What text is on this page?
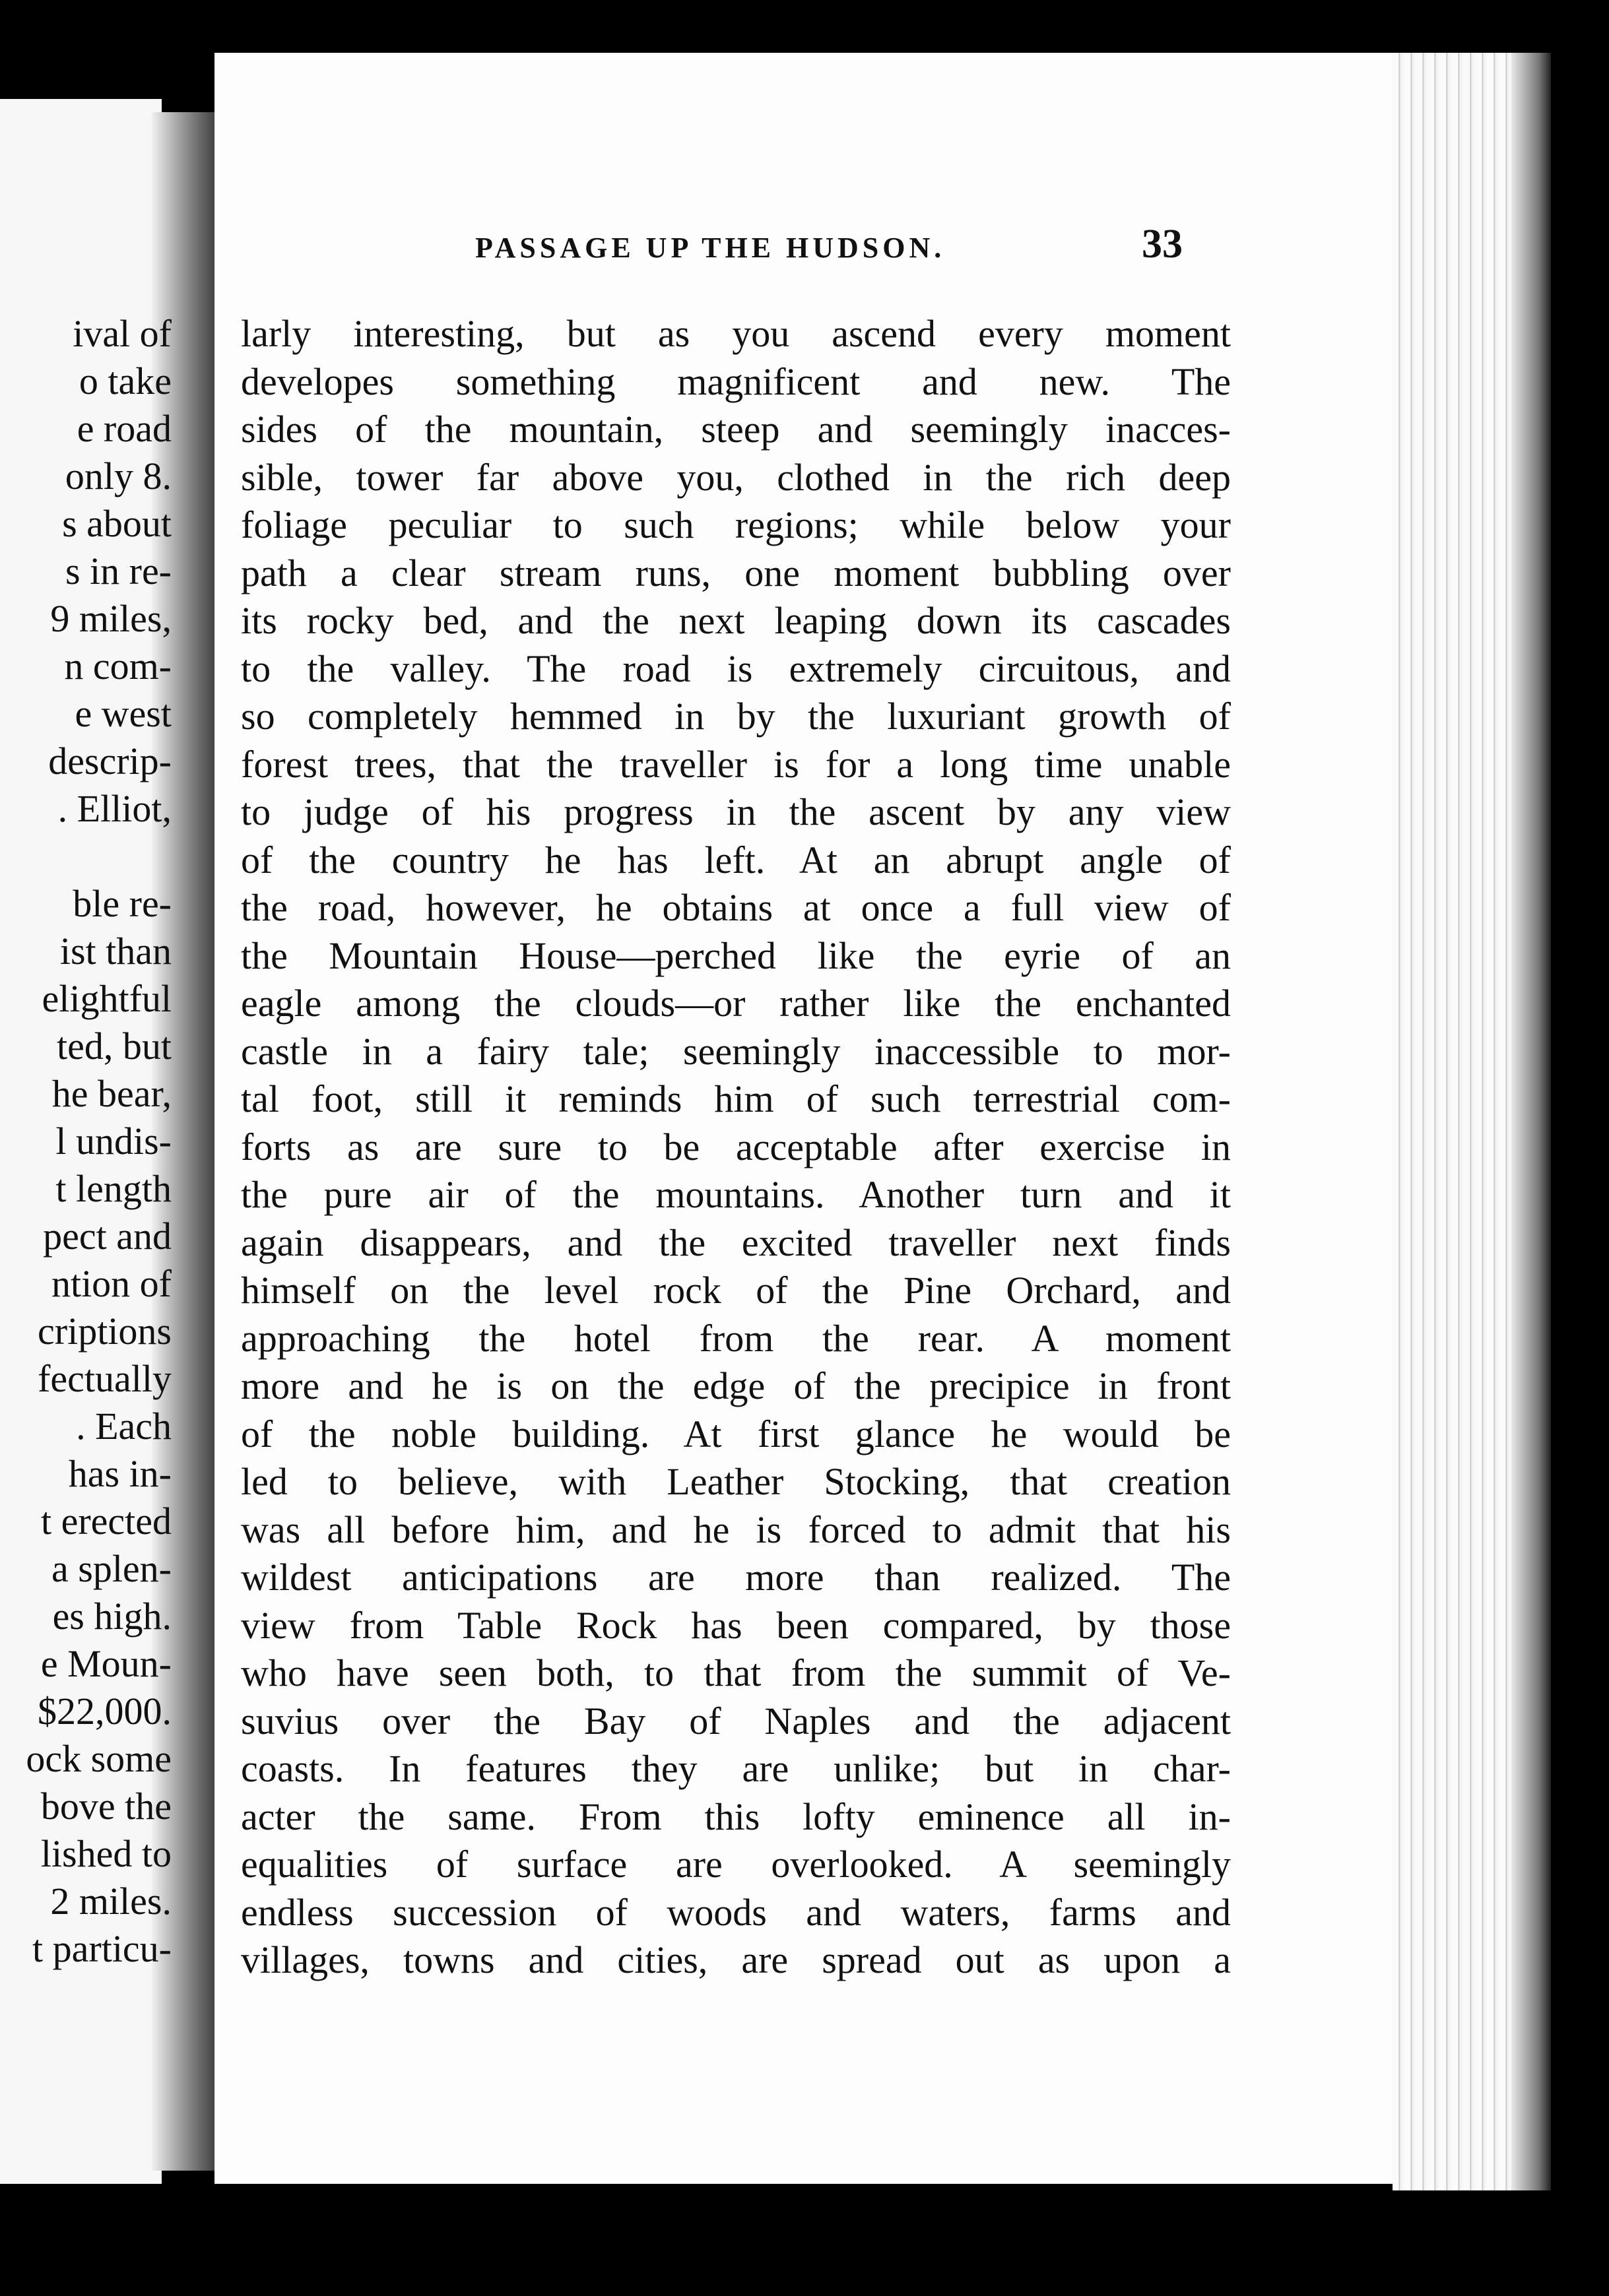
ival of
o take
e road
only 8.
s about
s in re-
9 miles,
n com-
e west
descrip-
. Elliot,
ble re-
ist than
elightful
ted, but
he bear,
l undis-
t length
pect and
ntion of
criptions
fectually
. Each
has in-
t erected
a splen-
es high.
e Moun-
$22,000.
ock some
bove the
lished to
2 miles.
t particu-
PASSAGE UP THE HUDSON.	33
larly interesting, but as you ascend every moment
developes something magnificent and new. The
sides of the mountain, steep and seemingly inacces-
sible, tower far above you, clothed in the rich deep
foliage peculiar to such regions; while below your
path a clear stream runs, one moment bubbling over
its rocky bed, and the next leaping down its cascades
to the valley. The road is extremely circuitous, and
so completely hemmed in by the luxuriant growth of
forest trees, that the traveller is for a long time unable
to judge of his progress in the ascent by any view
of the country he has left. At an abrupt angle of
the road, however, he obtains at once a full view of
the Mountain House—perched like the eyrie of an
eagle among the clouds—or rather like the enchanted
castle in a fairy tale; seemingly inaccessible to mor-
tal foot, still it reminds him of such terrestrial com-
forts as are sure to be acceptable after exercise in
the pure air of the mountains. Another turn and it
again disappears, and the excited traveller next finds
himself on the level rock of the Pine Orchard, and
approaching the hotel from the rear. A moment
more and he is on the edge of the precipice in front
of the noble building. At first glance he would be
led to believe, with Leather Stocking, that creation
was all before him, and he is forced to admit that his
wildest anticipations are more than realized. The
view from Table Rock has been compared, by those
who have seen both, to that from the summit of Ve-
suvius over the Bay of Naples and the adjacent
coasts. In features they are unlike; but in char-
acter the same. From this lofty eminence all in-
equalities of surface are overlooked. A seemingly
endless succession of woods and waters, farms and
villages, towns and cities, are spread out as upon a
